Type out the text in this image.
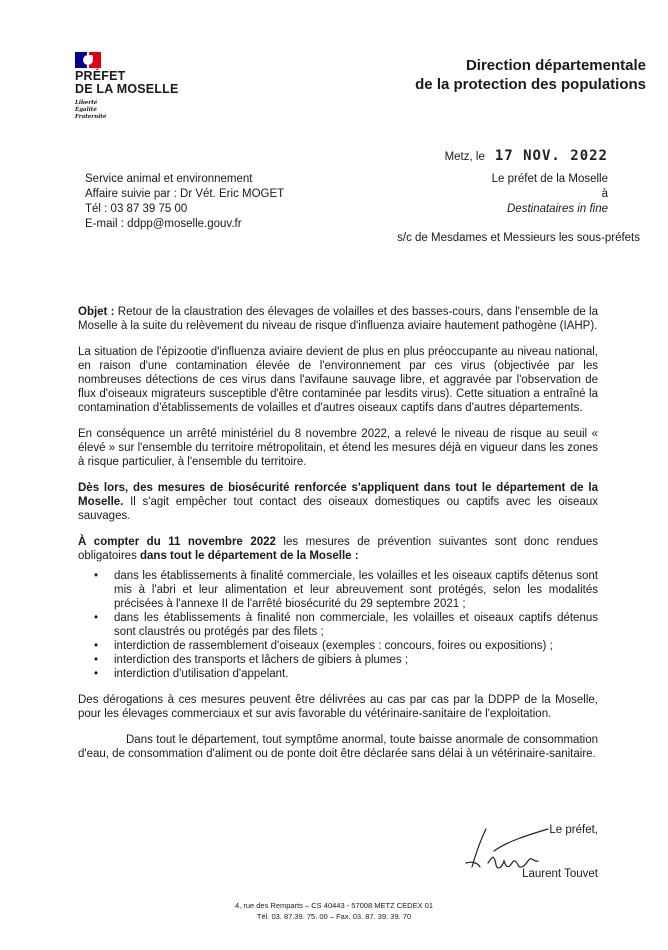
PRÉFET
DE LA MOSELLE
Liberté
Égalité
Fraternité
Direction départementale
de la protection des populations
Metz, le 17 NOV. 2022
Service animal et environnement
Affaire suivie par : Dr Vét. Eric MOGET
Tél : 03 87 39 75 00
E-mail : ddpp@moselle.gouv.fr
Le préfet de la Moselle
à
Destinataires in fine
s/c de Mesdames et Messieurs les sous-préfets

Objet : Retour de la claustration des élevages de volailles et des basses-cours, dans l'ensemble de la Moselle à la suite du relèvement du niveau de risque d'influenza aviaire hautement pathogène (IAHP).

La situation de l'épizootie d'influenza aviaire devient de plus en plus préoccupante au niveau national, en raison d'une contamination élevée de l'environnement par ces virus (objectivée par les nombreuses détections de ces virus dans l'avifaune sauvage libre, et aggravée par l'observation de flux d'oiseaux migrateurs susceptible d'être contaminée par lesdits virus). Cette situation a entraîné la contamination d'établissements de volailles et d'autres oiseaux captifs dans d'autres départements.

En conséquence un arrêté ministériel du 8 novembre 2022, a relevé le niveau de risque au seuil « élevé » sur l'ensemble du territoire métropolitain, et étend les mesures déjà en vigueur dans les zones à risque particulier, à l'ensemble du territoire.

Dès lors, des mesures de biosécurité renforcée s'appliquent dans tout le département de la Moselle. Il s'agit empêcher tout contact des oiseaux domestiques ou captifs avec les oiseaux sauvages.

À compter du 11 novembre 2022 les mesures de prévention suivantes sont donc rendues obligatoires dans tout le département de la Moselle :

• dans les établissements à finalité commerciale, les volailles et les oiseaux captifs détenus sont mis à l'abri et leur alimentation et leur abreuvement sont protégés, selon les modalités précisées à l'annexe II de l'arrêté biosécurité du 29 septembre 2021 ;
• dans les établissements à finalité non commerciale, les volailles et oiseaux captifs détenus sont claustrés ou protégés par des filets ;
• interdiction de rassemblement d'oiseaux (exemples : concours, foires ou expositions) ;
• interdiction des transports et lâchers de gibiers à plumes ;
• interdiction d'utilisation d'appelant.

Des dérogations à ces mesures peuvent être délivrées au cas par cas par la DDPP de la Moselle, pour les élevages commerciaux et sur avis favorable du vétérinaire-sanitaire de l'exploitation.

Dans tout le département, tout symptôme anormal, toute baisse anormale de consommation d'eau, de consommation d'aliment ou de ponte doit être déclarée sans délai à un vétérinaire-sanitaire.

Le préfet,
Laurent Touvet
4, rue des Remparts – CS 40443 - 57008 METZ CEDEX 01
Tél. 03. 87.39. 75. 00 – Fax. 03. 87. 39. 39. 70
